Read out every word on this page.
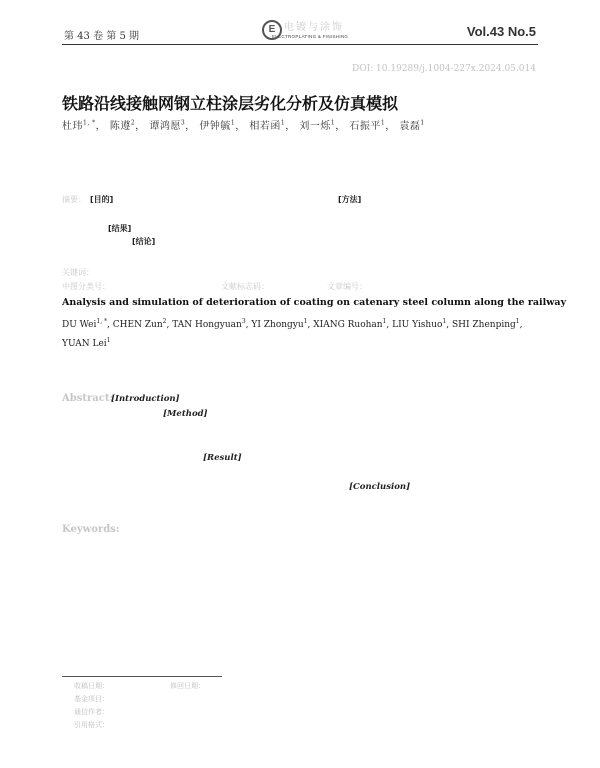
第 43 卷 第 5 期
E 电镀与涂饰
ELECTROPLATING & FINISHING	Vol.43 No.5
DOI: 10.19289/j.1004-227x.2024.05.014
铁路沿线接触网钢立柱涂层劣化分析及仿真模拟
杜玮$^{1, *}$， 陈遵$^2$， 谭鸿愿$^3$， 伊钟毓$^1$， 相若函$^1$， 刘一烁$^1$， 石振平$^1$， 袁磊$^1$
摘要： [目的]	[方法]
[结果]
[结论]
关键词：
中图分类号：	文献标志码：	文章编号：
Analysis and simulation of deterioration of coating on catenary steel column along the railway
DU Wei$^{1, *}$, CHEN Zun$^2$, TAN Hongyuan$^3$, YI Zhongyu$^1$, XIANG Ruohan$^1$, LIU Yishuo$^1$, SHI Zhenping$^1$, YUAN Lei$^1$
Abstract:
[Introduction]
[Method]
[Result]
[Conclusion]
Keywords:
收稿日期：	修回日期：
基金项目：
通信作者：
引用格式：
